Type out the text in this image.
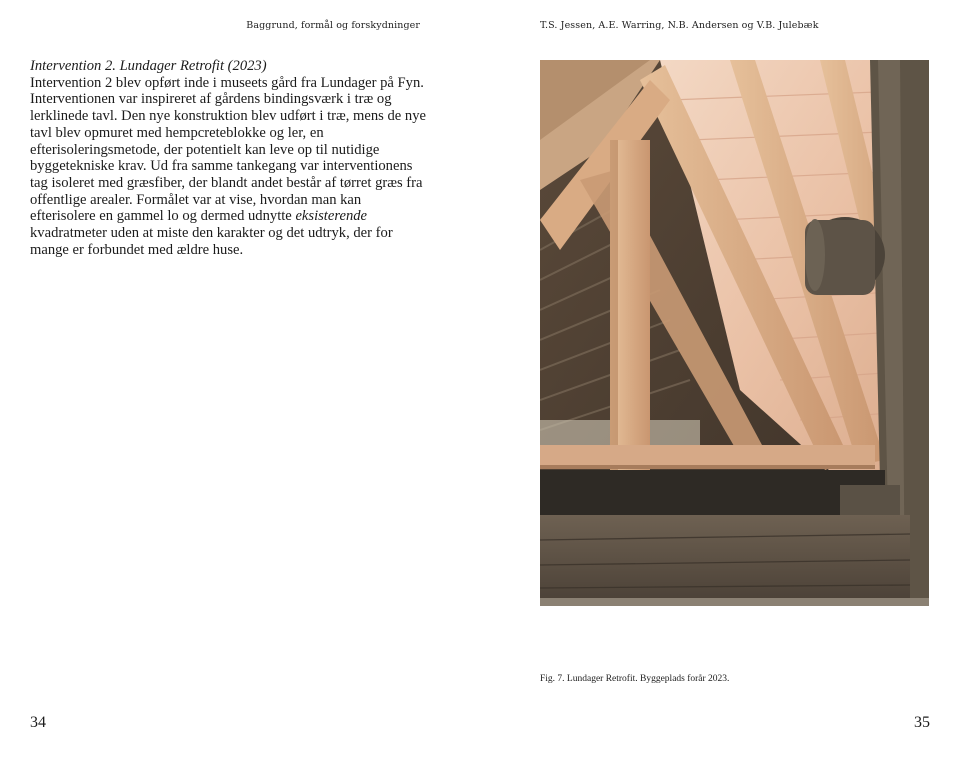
Baggrund, formål og forskydninger
Intervention 2. Lundager Retrofit (2023)
Intervention 2 blev opført inde i museets gård fra Lundager på Fyn. Interventionen var inspireret af gårdens bindingsværk i træ og lerklinede tavl. Den nye konstruktion blev udført i træ, mens de nye tavl blev opmuret med hempcreteblokke og ler, en efterisoleringsmetode, der potentielt kan leve op til nutidige byggetekniske krav. Ud fra samme tankegang var interventionens tag isoleret med græsfiber, der blandt andet består af tørret græs fra offentlige arealer. Formålet var at vise, hvordan man kan efterisolere en gammel lo og dermed udnytte eksisterende kvadratmeter uden at miste den karakter og det udtryk, der for mange er forbundet med ældre huse.
34
T.S. Jessen, A.E. Warring, N.B. Andersen og V.B. Julebæk
Fig. 7. Lundager Retrofit. Byggeplads forår 2023.
35
